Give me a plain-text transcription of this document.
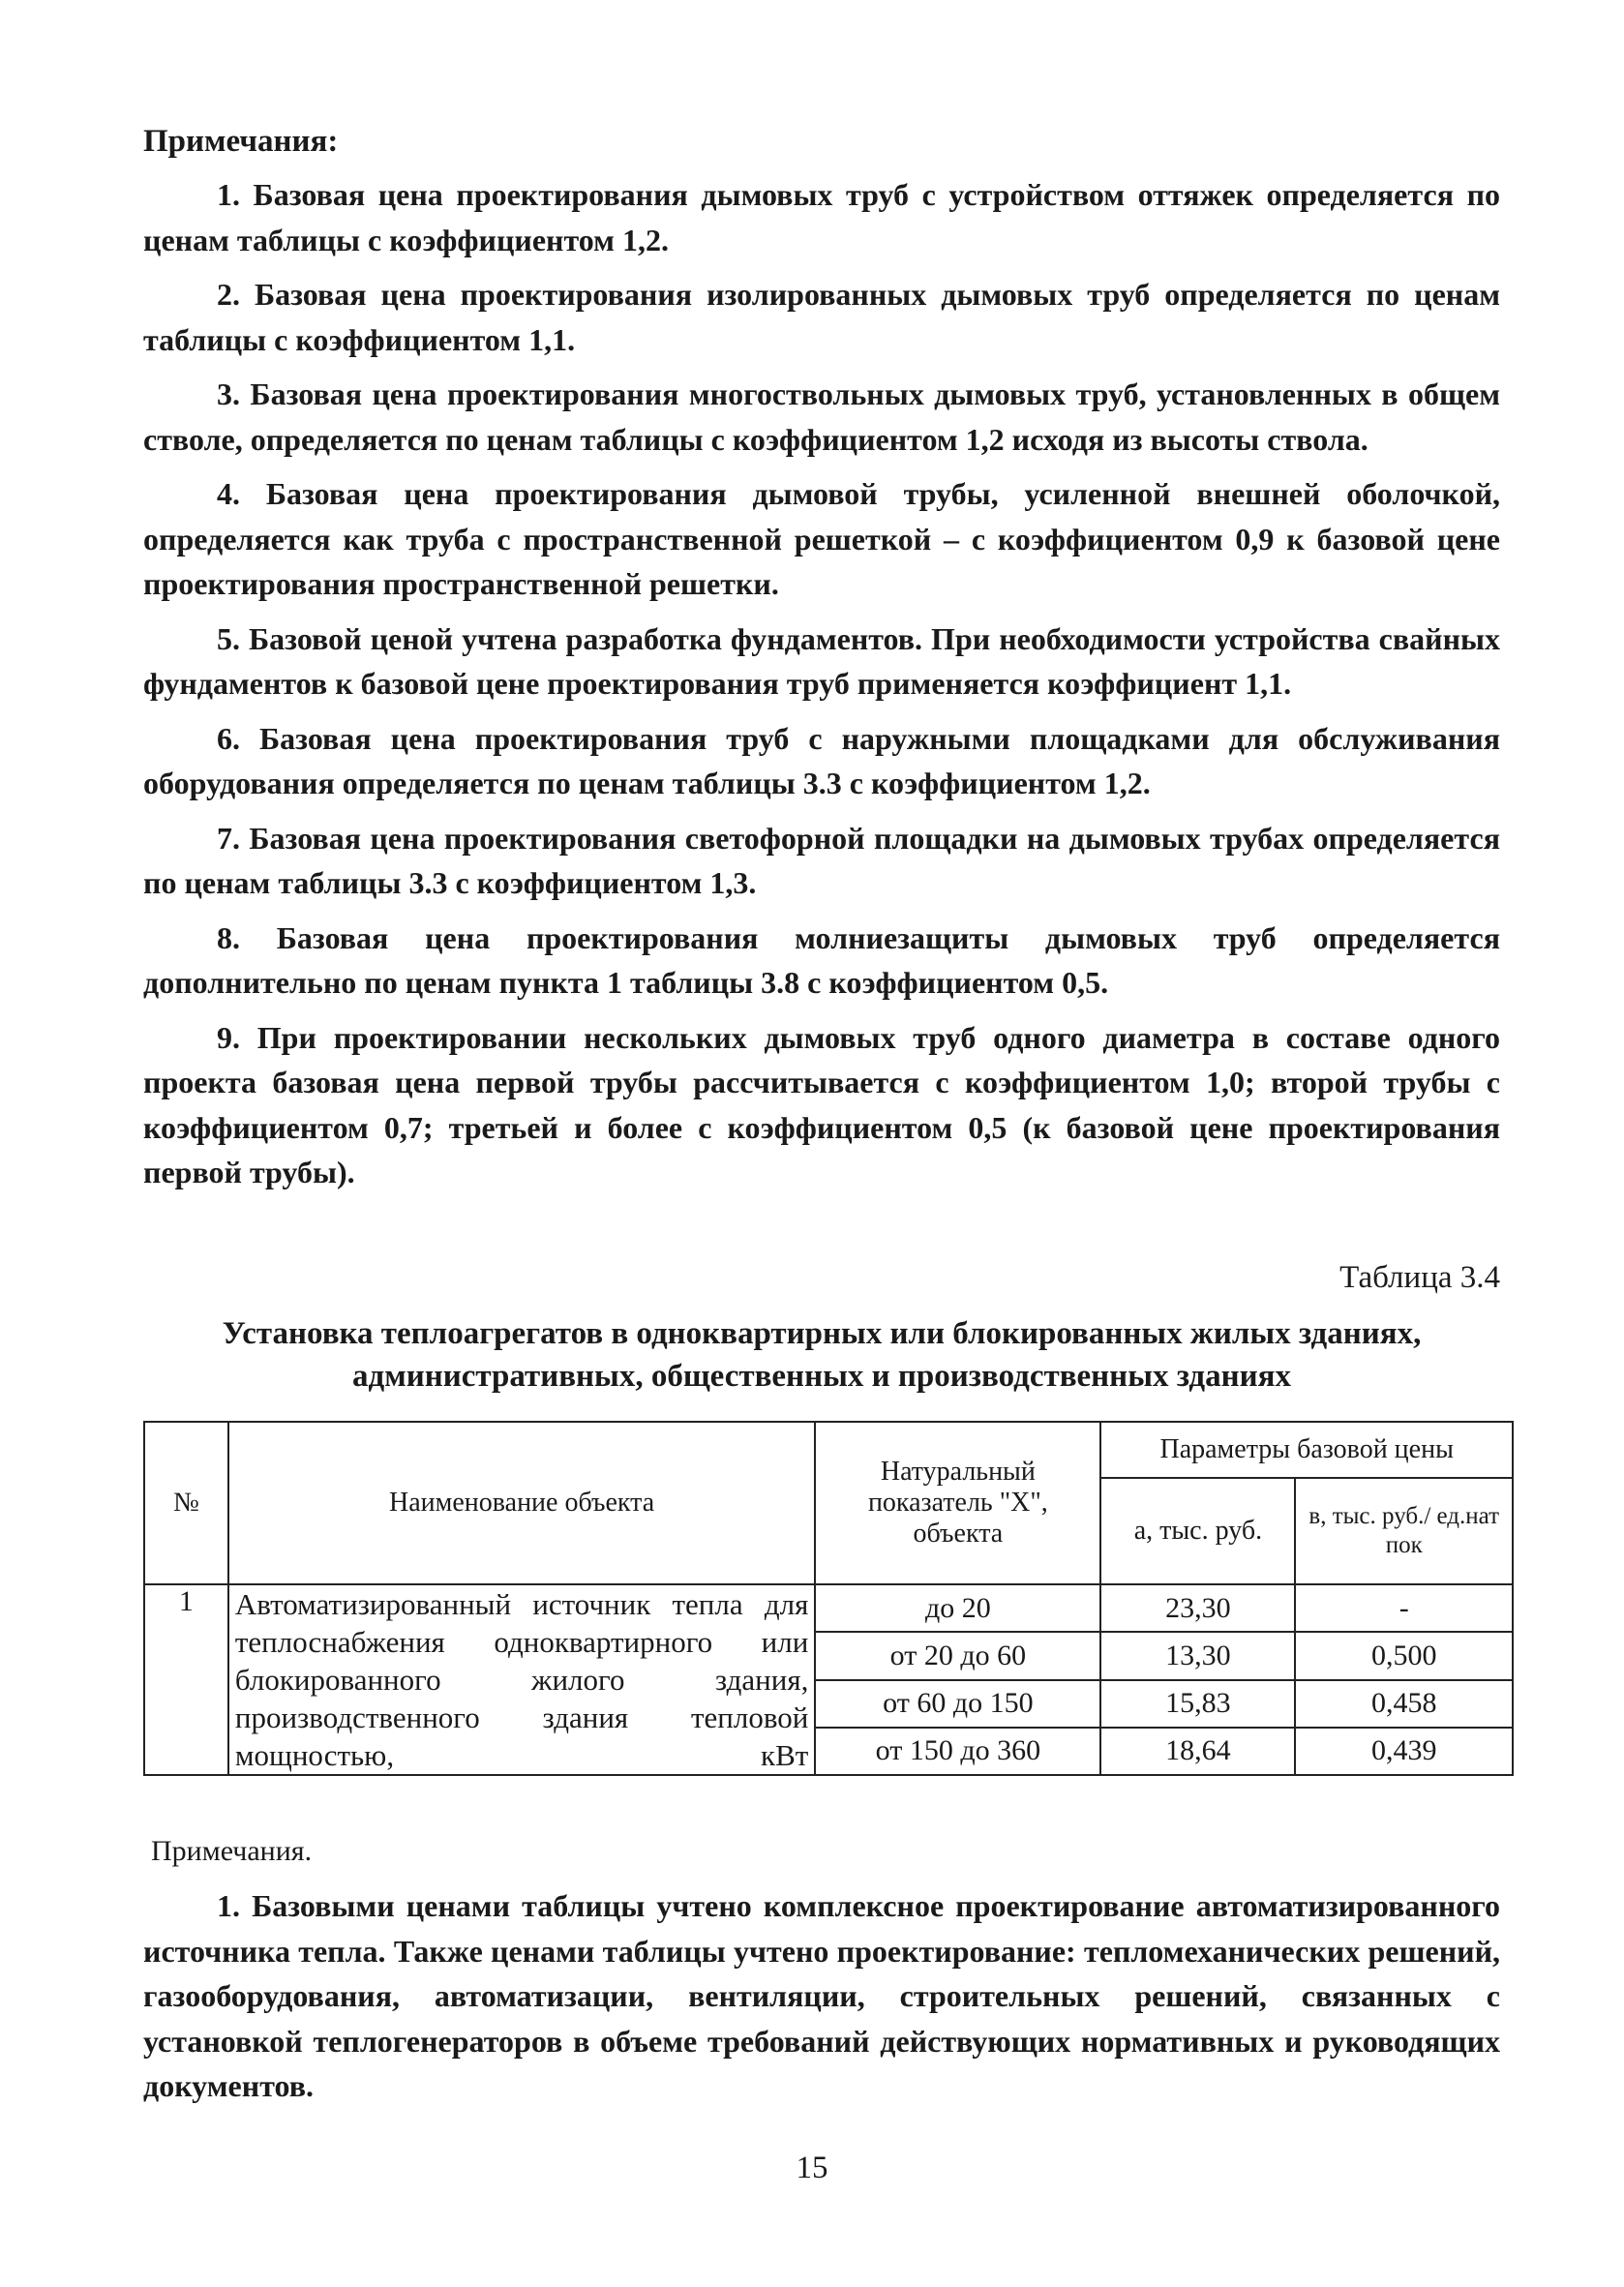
Примечания:

1. Базовая цена проектирования дымовых труб с устройством оттяжек определяется по ценам таблицы с коэффициентом 1,2.

2. Базовая цена проектирования изолированных дымовых труб определяется по ценам таблицы с коэффициентом 1,1.

3. Базовая цена проектирования многоствольных дымовых труб, установленных в общем стволе, определяется по ценам таблицы с коэффициентом 1,2 исходя из высоты ствола.

4. Базовая цена проектирования дымовой трубы, усиленной внешней оболочкой, определяется как труба с пространственной решеткой – с коэффициентом 0,9 к базовой цене проектирования пространственной решетки.

5. Базовой ценой учтена разработка фундаментов. При необходимости устройства свайных фундаментов к базовой цене проектирования труб применяется коэффициент 1,1.

6. Базовая цена проектирования труб с наружными площадками для обслуживания оборудования определяется по ценам таблицы 3.3 с коэффициентом 1,2.

7. Базовая цена проектирования светофорной площадки на дымовых трубах определяется по ценам таблицы 3.3 с коэффициентом 1,3.

8. Базовая цена проектирования молниезащиты дымовых труб определяется дополнительно по ценам пункта 1 таблицы 3.8 с коэффициентом 0,5.

9. При проектировании нескольких дымовых труб одного диаметра в составе одного проекта базовая цена первой трубы рассчитывается с коэффициентом 1,0; второй трубы с коэффициентом 0,7; третьей и более с коэффициентом 0,5 (к базовой цене проектирования первой трубы).

Таблица 3.4
Установка теплоагрегатов в одноквартирных или блокированных жилых зданиях,
административных, общественных и производственных зданиях
№	Наименование объекта	Натуральный показатель "Х", объекта	Параметры базовой цены	
			а, тыс. руб.	в, тыс. руб./ ед.нат пок
1	Автоматизированный источник тепла для теплоснабжения одноквартирного или блокированного жилого здания, производственного здания тепловой мощностью, кВт	до 20	23,30	-
		от 20 до 60	13,30	0,500
		от 60 до 150	15,83	0,458
		от 150 до 360	18,64	0,439
Примечания.

1. Базовыми ценами таблицы учтено комплексное проектирование автоматизированного источника тепла. Также ценами таблицы учтено проектирование: тепломеханических решений, газооборудования, автоматизации, вентиляции, строительных решений, связанных с установкой теплогенераторов в объеме требований действующих нормативных и руководящих документов.

15
